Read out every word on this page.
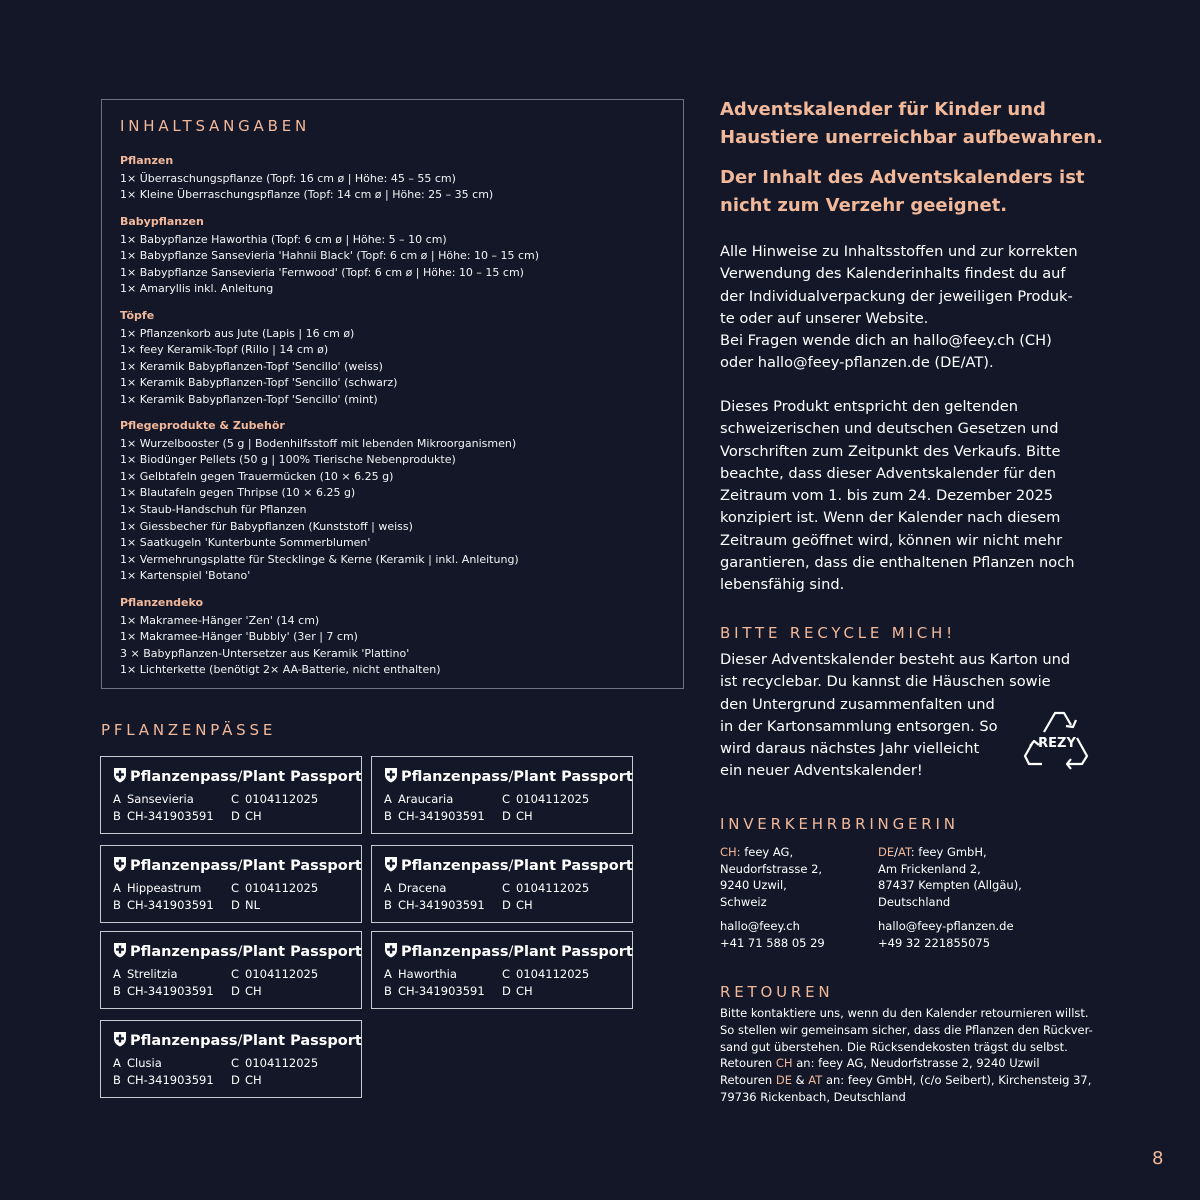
INHALTSANGABEN
Pflanzen
1× Überraschungspflanze (Topf: 16 cm ø | Höhe: 45 – 55 cm)
1× Kleine Überraschungspflanze (Topf: 14 cm ø | Höhe: 25 – 35 cm)
Babypflanzen
1× Babypflanze Haworthia (Topf: 6 cm ø | Höhe: 5 – 10 cm)
1× Babypflanze Sansevieria 'Hahnii Black' (Topf: 6 cm ø | Höhe: 10 – 15 cm)
1× Babypflanze Sansevieria 'Fernwood' (Topf: 6 cm ø | Höhe: 10 – 15 cm)
1× Amaryllis inkl. Anleitung
Töpfe
1× Pflanzenkorb aus Jute (Lapis | 16 cm ø)
1× feey Keramik-Topf (Rillo | 14 cm ø)
1× Keramik Babypflanzen-Topf 'Sencillo' (weiss)
1× Keramik Babypflanzen-Topf 'Sencillo' (schwarz)
1× Keramik Babypflanzen-Topf 'Sencillo' (mint)
Pflegeprodukte & Zubehör
1× Wurzelbooster (5 g | Bodenhilfsstoff mit lebenden Mikroorganismen)
1× Biodünger Pellets (50 g | 100% Tierische Nebenprodukte)
1× Gelbtafeln gegen Trauermücken (10 × 6.25 g)
1× Blautafeln gegen Thripse (10 × 6.25 g)
1× Staub-Handschuh für Pflanzen
1× Giessbecher für Babypflanzen (Kunststoff | weiss)
1× Saatkugeln 'Kunterbunte Sommerblumen'
1× Vermehrungsplatte für Stecklinge & Kerne (Keramik | inkl. Anleitung)
1× Kartenspiel 'Botano'
Pflanzendeko
1× Makramee-Hänger 'Zen' (14 cm)
1× Makramee-Hänger 'Bubbly' (3er | 7 cm)
3 × Babypflanzen-Untersetzer aus Keramik 'Plattino'
1× Lichterkette (benötigt 2× AA-Batterie, nicht enthalten)
PFLANZENPÄSSE
Pflanzenpass/Plant Passport
A Sansevieria
B CH-341903591
C 0104112025
D CH
Pflanzenpass/Plant Passport
A Araucaria
B CH-341903591
C 0104112025
D CH
Pflanzenpass/Plant Passport
A Hippeastrum
B CH-341903591
C 0104112025
D NL
Pflanzenpass/Plant Passport
A Dracena
B CH-341903591
C 0104112025
D CH
Pflanzenpass/Plant Passport
A Strelitzia
B CH-341903591
C 0104112025
D CH
Pflanzenpass/Plant Passport
A Haworthia
B CH-341903591
C 0104112025
D CH
Pflanzenpass/Plant Passport
A Clusia
B CH-341903591
C 0104112025
D CH

Adventskalender für Kinder und Haustiere unerreichbar aufbewahren.

Der Inhalt des Adventskalenders ist nicht zum Verzehr geeignet.

Alle Hinweise zu Inhaltsstoffen und zur korrekten
Verwendung des Kalenderinhalts findest du auf
der Individualverpackung der jeweiligen Produk-
te oder auf unserer Website.
Bei Fragen wende dich an hallo@feey.ch (CH)
oder hallo@feey-pflanzen.de (DE/AT).
Dieses Produkt entspricht den geltenden
schweizerischen und deutschen Gesetzen und
Vorschriften zum Zeitpunkt des Verkaufs. Bitte
beachte, dass dieser Adventskalender für den
Zeitraum vom 1. bis zum 24. Dezember 2025
konzipiert ist. Wenn der Kalender nach diesem
Zeitraum geöffnet wird, können wir nicht mehr
garantieren, dass die enthaltenen Pflanzen noch
lebensfähig sind.
BITTE RECYCLE MICH!
Dieser Adventskalender besteht aus Karton und
ist recyclebar. Du kannst die Häuschen sowie
den Untergrund zusammenfalten und
in der Kartonsammlung entsorgen. So
wird daraus nächstes Jahr vielleicht
ein neuer Adventskalender!
REZY
INVERKEHRBRINGERIN
CH: feey AG,
Neudorfstrasse 2,
9240 Uzwil,
Schweiz
hallo@feey.ch
+41 71 588 05 29
DE/AT: feey GmbH,
Am Frickenland 2,
87437 Kempten (Allgäu),
Deutschland
hallo@feey-pflanzen.de
+49 32 221855075
RETOUREN
Bitte kontaktiere uns, wenn du den Kalender retournieren willst.
So stellen wir gemeinsam sicher, dass die Pflanzen den Rückver-
sand gut überstehen. Die Rücksendekosten trägst du selbst.
Retouren CH an: feey AG, Neudorfstrasse 2, 9240 Uzwil
Retouren DE & AT an: feey GmbH, (c/o Seibert), Kirchensteig 37,
79736 Rickenbach, Deutschland
8
